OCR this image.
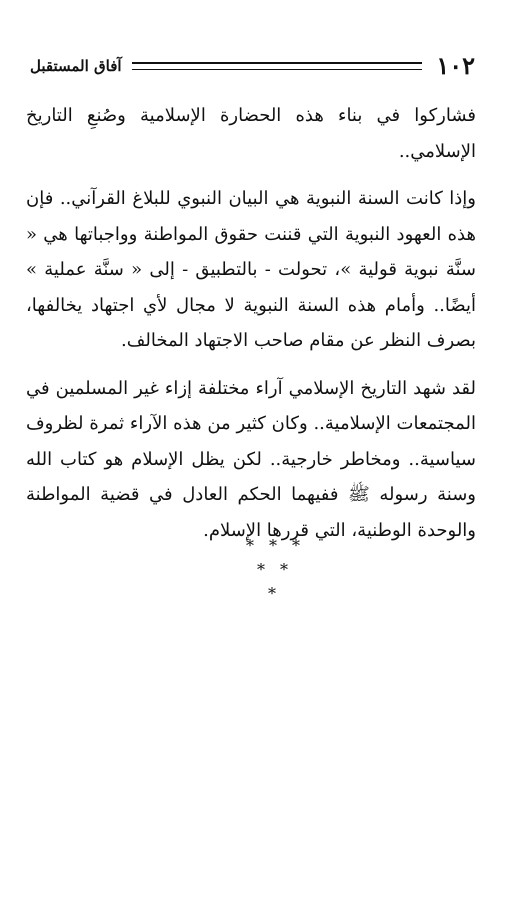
١٠٢
آفاق المستقبل

فشاركوا في بناء هذه الحضارة الإسلامية وصُنعِ التاريخ الإسلامي..

وإذا كانت السنة النبوية هي البيان النبوي للبلاغ القرآني.. فإن هذه العهود النبوية التي قننت حقوق المواطنة وواجباتها هي « سنَّة نبوية قولية »، تحولت - بالتطبيق - إلى « سنَّة عملية » أيضًا.. وأمام هذه السنة النبوية لا مجال لأي اجتهاد يخالفها، بصرف النظر عن مقام صاحب الاجتهاد المخالف.

لقد شهد التاريخ الإسلامي آراء مختلفة إزاء غير المسلمين في المجتمعات الإسلامية.. وكان كثير من هذه الآراء ثمرة لظروف سياسية.. ومخاطر خارجية.. لكن يظل الإسلام هو كتاب الله وسنة رسوله ﷺ ففيهما الحكم العادل في قضية المواطنة والوحدة الوطنية، التي قررها الإسلام.

* * *
* *
*
